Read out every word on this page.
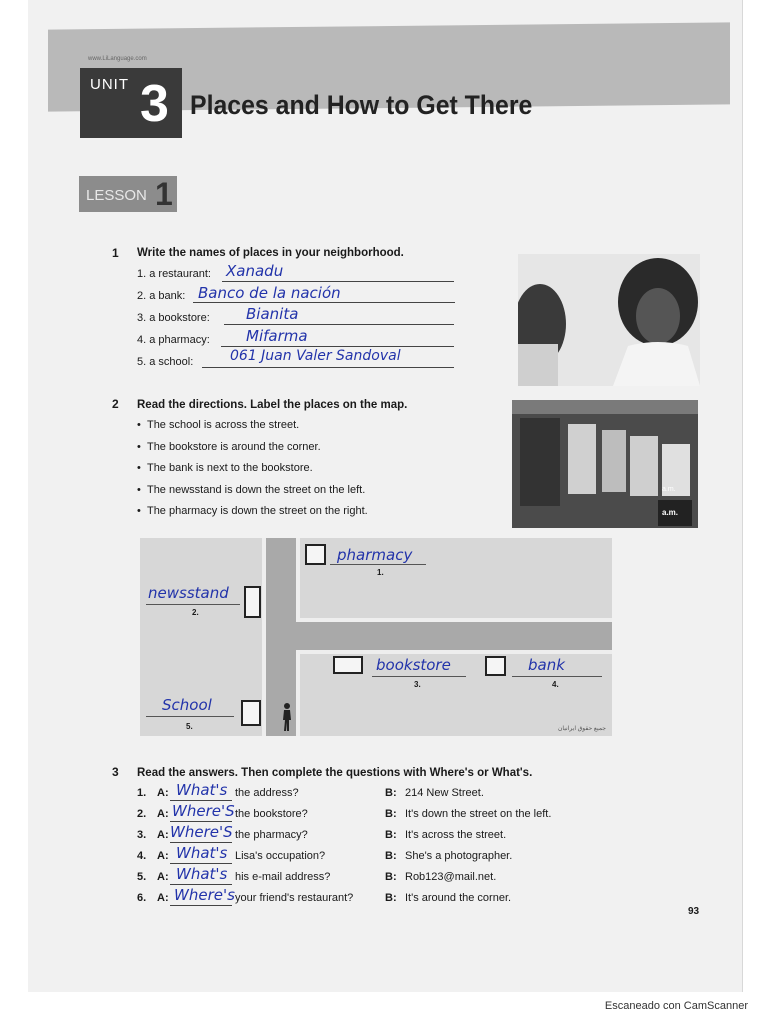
www.LiLanguage.com
UNIT 3 Places and How to Get There
LESSON 1
1 Write the names of places in your neighborhood.
1. a restaurant: Xanadu
2. a bank: Banco de la nación
3. a bookstore: Bianita
4. a pharmacy: Mifarma
5. a school:	061 Juan Valer Sandoval
2 Read the directions. Label the places on the map.
•  The school is across the street.
•  The bookstore is around the corner.
•  The bank is next to the bookstore.
•  The newsstand is down the street on the left.
•  The pharmacy is down the street on the right.
a.m.
a.m.
pharmacy
1.
newsstand
2.
bookstore
3.
bank
4.
School
5.	جميع حقوق ايرانيان
3 Read the answers. Then complete the questions with Where's or What's.
1. A: What's the address?	B: 214 New Street.
2. A: Where'S the bookstore?	B: It's down the street on the left.
3. A: Where'S the pharmacy?	B: It's across the street.
4. A: What's Lisa's occupation?	B: She's a photographer.
5. A: What's his e-mail address?	B: Rob123@mail.net.
6. A: Where's your friend's restaurant?	B: It's around the corner.
93
Escaneado con CamScanner
